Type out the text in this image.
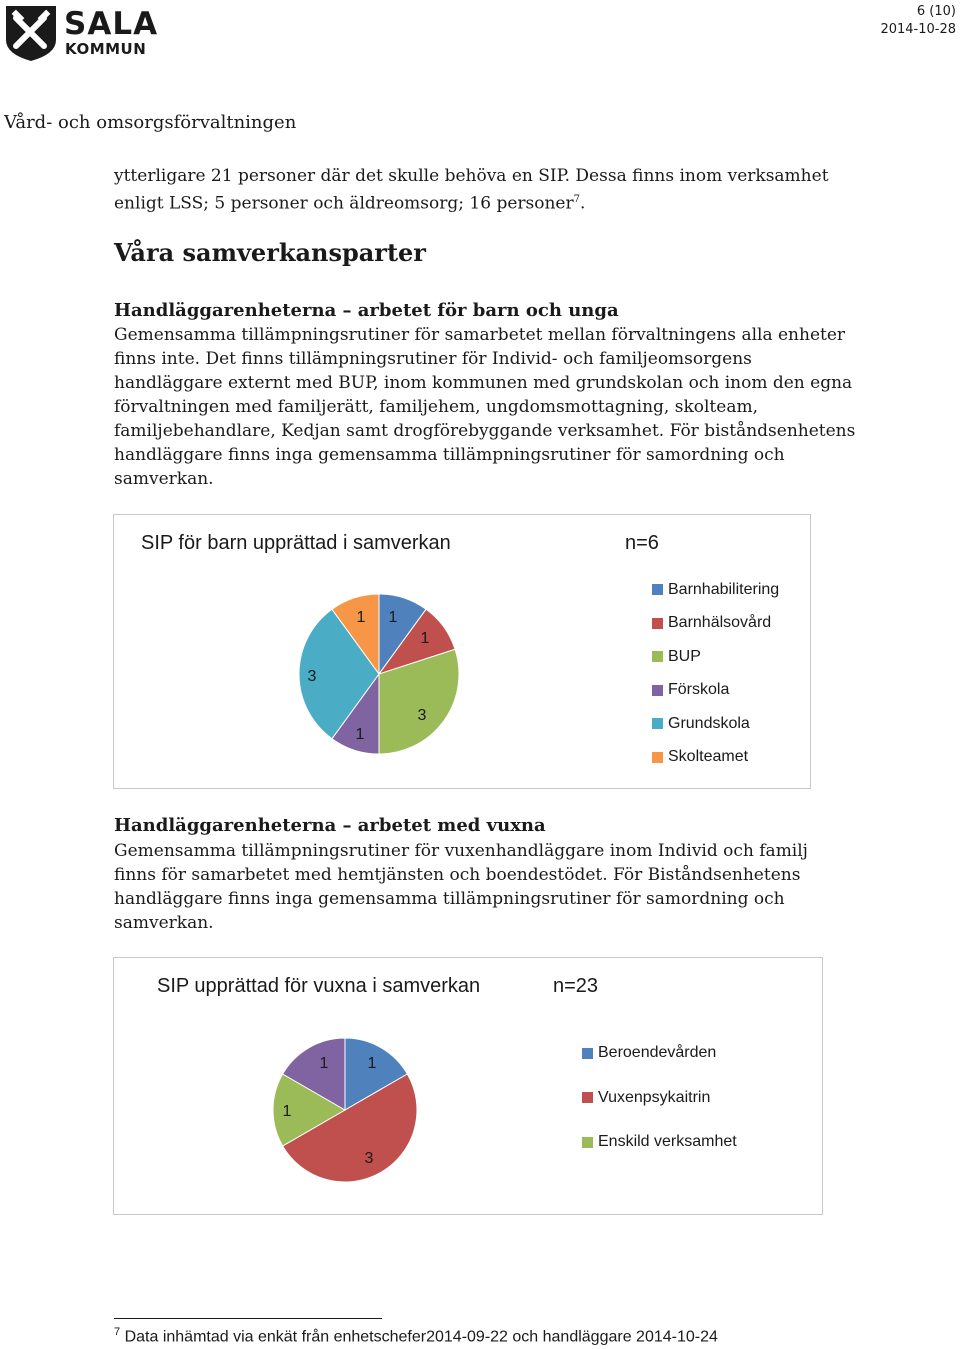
SALA
KOMMUN
6 (10)
2014-10-28
Vård- och omsorgsförvaltningen
ytterligare 21 personer där det skulle behöva en SIP. Dessa finns inom verksamhet enligt LSS; 5 personer och äldreomsorg; 16 personer$^7$.
Våra samverkansparter
Handläggarenheterna – arbetet för barn och unga
Gemensamma tillämpningsrutiner för samarbetet mellan förvaltningens alla enheter finns inte. Det finns tillämpningsrutiner för Individ- och familjeomsorgens handläggare externt med BUP, inom kommunen med grundskolan och inom den egna förvaltningen med familjerätt, familjehem, ungdomsmottagning, skolteam, familjebehandlare, Kedjan samt drogförebyggande verksamhet. För biståndsenhetens handläggare finns inga gemensamma tillämpningsrutiner för samordning och samverkan.
SIP för barn upprättad i samverkan	n=6
1
1
3
1
3
1
Barnhabilitering
Barnhälsovård
BUP
Förskola
Grundskola
Skolteamet
Handläggarenheterna – arbetet med vuxna
Gemensamma tillämpningsrutiner för vuxenhandläggare inom Individ och familj finns för samarbetet med hemtjänsten och boendestödet. För Biståndsenhetens handläggare finns inga gemensamma tillämpningsrutiner för samordning och samverkan.
SIP upprättad för vuxna i samverkan	n=23
1
3
1
1
Beroendevården
Vuxenpsykaitrin
Enskild verksamhet
$^7$ Data inhämtad via enkät från enhetschefer2014-09-22 och handläggare 2014-10-24
